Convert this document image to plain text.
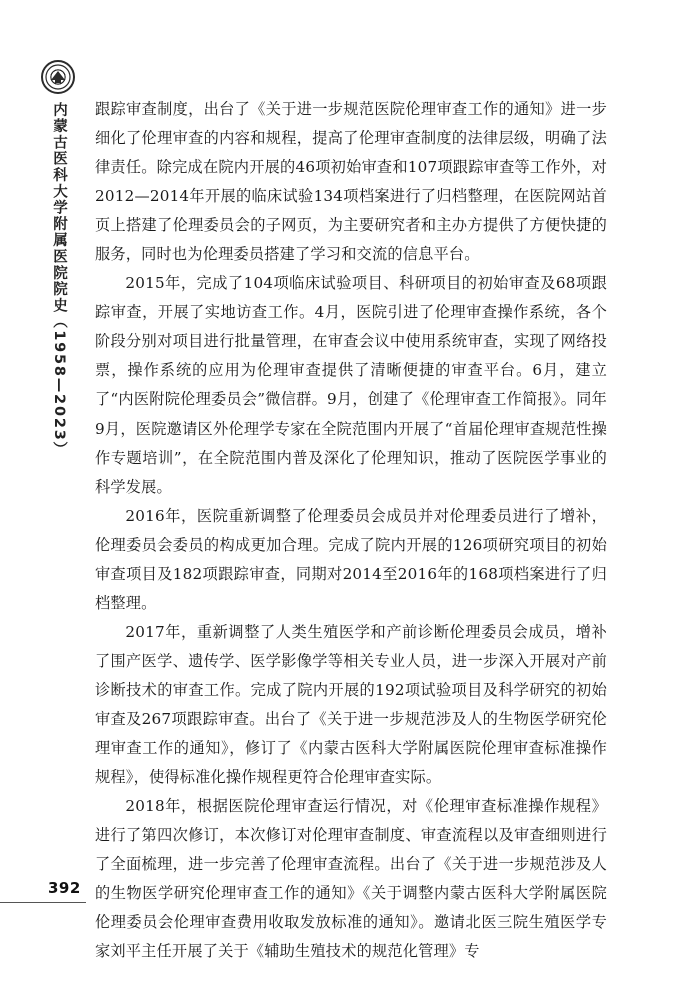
内蒙古医科大学附属医院院史（1958—2023）
392

跟踪审查制度，出台了《关于进一步规范医院伦理审查工作的通知》进一步细化了伦理审查的内容和规程，提高了伦理审查制度的法律层级，明确了法律责任。除完成在院内开展的46项初始审查和107项跟踪审查等工作外，对2012—2014年开展的临床试验134项档案进行了归档整理，在医院网站首页上搭建了伦理委员会的子网页，为主要研究者和主办方提供了方便快捷的服务，同时也为伦理委员搭建了学习和交流的信息平台。

2015年，完成了104项临床试验项目、科研项目的初始审查及68项跟踪审查，开展了实地访查工作。4月，医院引进了伦理审查操作系统，各个阶段分别对项目进行批量管理，在审查会议中使用系统审查，实现了网络投票，操作系统的应用为伦理审查提供了清晰便捷的审查平台。6月，建立了“内医附院伦理委员会”微信群。9月，创建了《伦理审查工作简报》。同年9月，医院邀请区外伦理学专家在全院范围内开展了“首届伦理审查规范性操作专题培训”，在全院范围内普及深化了伦理知识，推动了医院医学事业的科学发展。

2016年，医院重新调整了伦理委员会成员并对伦理委员进行了增补，伦理委员会委员的构成更加合理。完成了院内开展的126项研究项目的初始审查项目及182项跟踪审查，同期对2014至2016年的168项档案进行了归档整理。

2017年，重新调整了人类生殖医学和产前诊断伦理委员会成员，增补了围产医学、遗传学、医学影像学等相关专业人员，进一步深入开展对产前诊断技术的审查工作。完成了院内开展的192项试验项目及科学研究的初始审查及267项跟踪审查。出台了《关于进一步规范涉及人的生物医学研究伦理审查工作的通知》，修订了《内蒙古医科大学附属医院伦理审查标准操作规程》，使得标准化操作规程更符合伦理审查实际。

2018年，根据医院伦理审查运行情况，对《伦理审查标准操作规程》进行了第四次修订，本次修订对伦理审查制度、审查流程以及审查细则进行了全面梳理，进一步完善了伦理审查流程。出台了《关于进一步规范涉及人的生物医学研究伦理审查工作的通知》《关于调整内蒙古医科大学附属医院伦理委员会伦理审查费用收取发放标准的通知》。邀请北医三院生殖医学专家刘平主任开展了关于《辅助生殖技术的规范化管理》专
